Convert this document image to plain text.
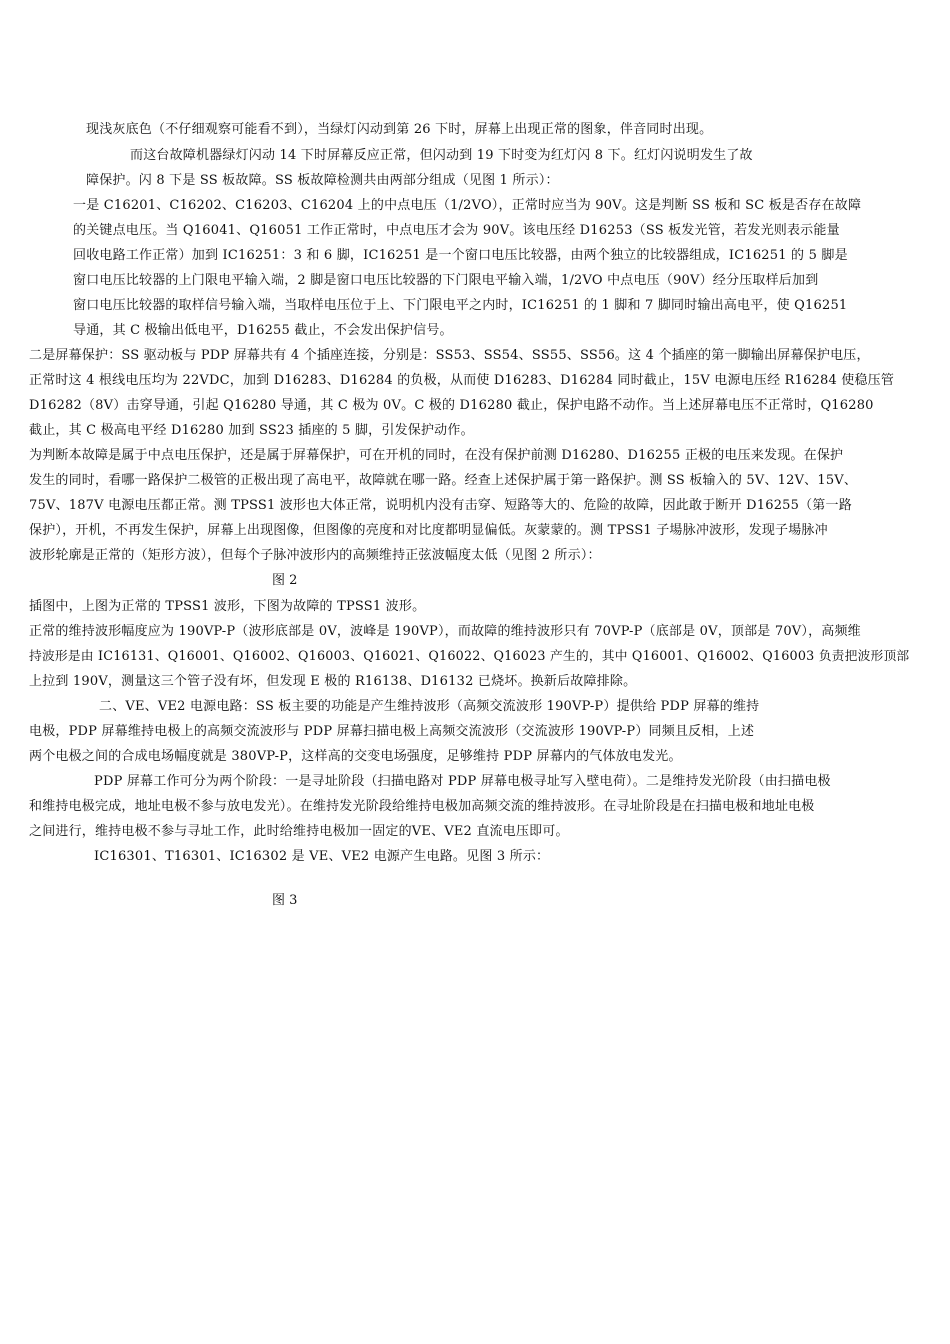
现浅灰底色（不仔细观察可能看不到），当绿灯闪动到第 26 下时，屏幕上出现正常的图象，伴音同时出现。
而这台故障机器绿灯闪动 14 下时屏幕反应正常，但闪动到 19 下时变为红灯闪 8 下。红灯闪说明发生了故
障保护。闪 8 下是 SS 板故障。SS 板故障检测共由两部分组成（见图 1 所示）：
一是 C16201、C16202、C16203、C16204 上的中点电压（1/2VO），正常时应当为 90V。这是判断 SS 板和 SC 板是否存在故障
的关键点电压。当 Q16041、Q16051 工作正常时，中点电压才会为 90V。该电压经 D16253（SS 板发光管，若发光则表示能量
回收电路工作正常）加到 IC16251：3 和 6 脚，IC16251 是一个窗口电压比较器，由两个独立的比较器组成，IC16251 的 5 脚是
窗口电压比较器的上门限电平输入端，2 脚是窗口电压比较器的下门限电平输入端，1/2VO 中点电压（90V）经分压取样后加到
窗口电压比较器的取样信号输入端，当取样电压位于上、下门限电平之内时，IC16251 的 1 脚和 7 脚同时输出高电平，使 Q16251
导通，其 C 极输出低电平，D16255 截止，不会发出保护信号。
二是屏幕保护：SS 驱动板与 PDP 屏幕共有 4 个插座连接，分别是：SS53、SS54、SS55、SS56。这 4 个插座的第一脚输出屏幕保护电压，
正常时这 4 根线电压均为 22VDC，加到 D16283、D16284 的负极，从而使 D16283、D16284 同时截止，15V 电源电压经 R16284 使稳压管
D16282（8V）击穿导通，引起 Q16280 导通，其 C 极为 0V。C 极的 D16280 截止，保护电路不动作。当上述屏幕电压不正常时，Q16280
截止，其 C 极高电平经 D16280 加到 SS23 插座的 5 脚，引发保护动作。
为判断本故障是属于中点电压保护，还是属于屏幕保护，可在开机的同时，在没有保护前测 D16280、D16255 正极的电压来发现。在保护
发生的同时，看哪一路保护二极管的正极出现了高电平，故障就在哪一路。经查上述保护属于第一路保护。测 SS 板输入的 5V、12V、15V、
75V、187V 电源电压都正常。测 TPSS1 波形也大体正常，说明机内没有击穿、短路等大的、危险的故障，因此敢于断开 D16255（第一路
保护），开机，不再发生保护，屏幕上出现图像，但图像的亮度和对比度都明显偏低。灰蒙蒙的。测 TPSS1 子場脉冲波形，发现子場脉冲
波形轮廓是正常的（矩形方波），但每个子脉冲波形内的高频维持正弦波幅度太低（见图 2 所示）：
图 2
插图中，上图为正常的 TPSS1 波形，下图为故障的 TPSS1 波形。
正常的维持波形幅度应为 190VP-P（波形底部是 0V，波峰是 190VP），而故障的维持波形只有 70VP-P（底部是 0V，顶部是 70V），高频维
持波形是由 IC16131、Q16001、Q16002、Q16003、Q16021、Q16022、Q16023 产生的，其中 Q16001、Q16002、Q16003 负责把波形顶部
上拉到 190V，测量这三个管子没有坏，但发现 E 极的 R16138、D16132 已烧坏。换新后故障排除。
二、VE、VE2 电源电路：SS 板主要的功能是产生维持波形（高频交流波形 190VP-P）提供给 PDP 屏幕的维持
电极，PDP 屏幕维持电极上的高频交流波形与 PDP 屏幕扫描电极上高频交流波形（交流波形 190VP-P）同频且反相，上述
两个电极之间的合成电场幅度就是 380VP-P，这样高的交变电场强度，足够维持 PDP 屏幕内的气体放电发光。
PDP 屏幕工作可分为两个阶段：一是寻址阶段（扫描电路对 PDP 屏幕电极寻址写入壁电荷）。二是维持发光阶段（由扫描电极
和维持电极完成，地址电极不参与放电发光）。在维持发光阶段给维持电极加高频交流的维持波形。在寻址阶段是在扫描电极和地址电极
之间进行，维持电极不参与寻址工作，此时给维持电极加一固定的VE、VE2 直流电压即可。
IC16301、T16301、IC16302 是 VE、VE2 电源产生电路。见图 3 所示：
图 3
